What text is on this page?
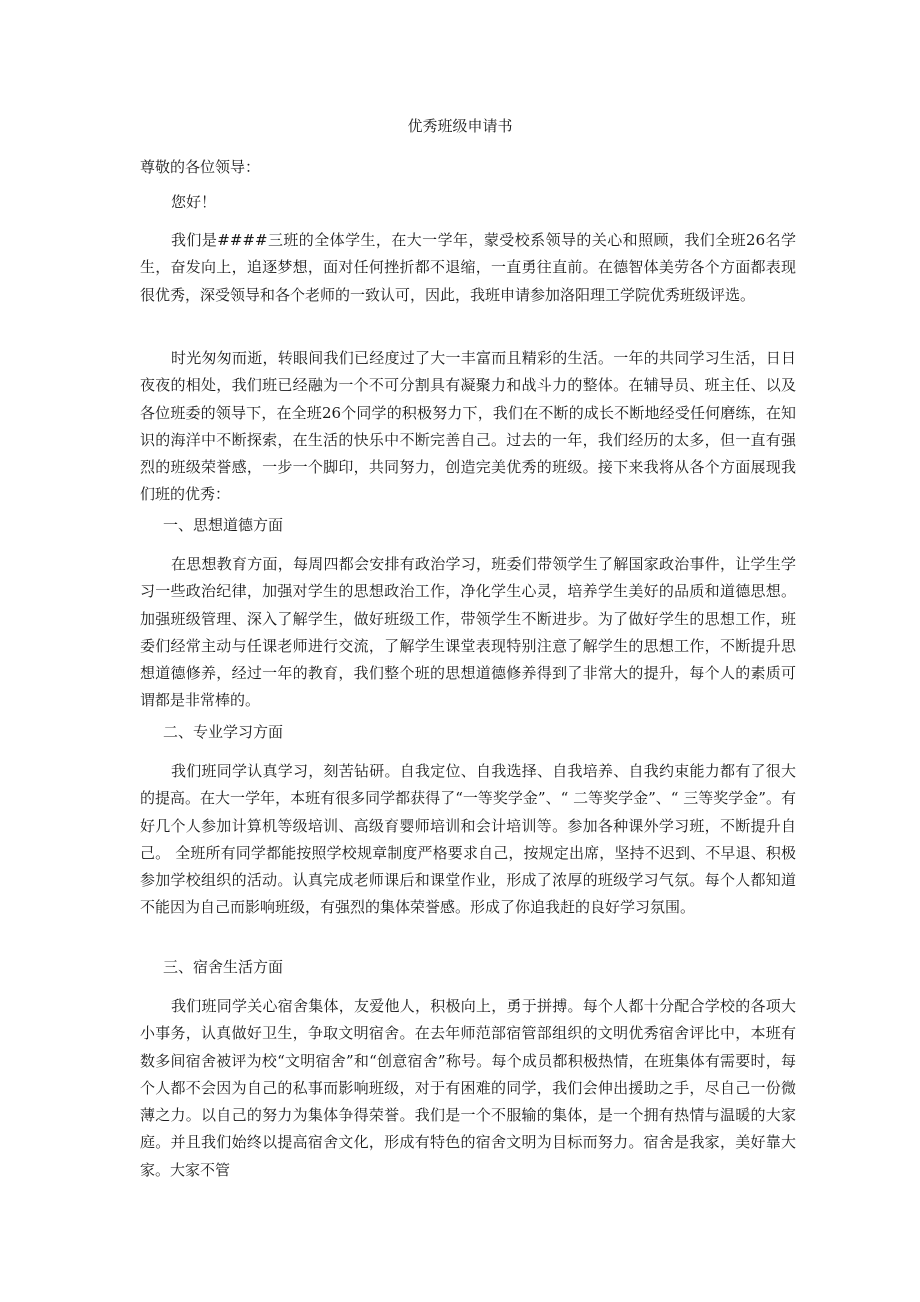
优秀班级申请书

尊敬的各位领导：

您好！

我们是####三班的全体学生，在大一学年，蒙受校系领导的关心和照顾，我们全班26名学生，奋发向上，追逐梦想，面对任何挫折都不退缩，一直勇往直前。在德智体美劳各个方面都表现很优秀，深受领导和各个老师的一致认可，因此，我班申请参加洛阳理工学院优秀班级评选。

时光匆匆而逝，转眼间我们已经度过了大一丰富而且精彩的生活。一年的共同学习生活，日日夜夜的相处，我们班已经融为一个不可分割具有凝聚力和战斗力的整体。在辅导员、班主任、以及各位班委的领导下，在全班26个同学的积极努力下，我们在不断的成长不断地经受任何磨练，在知识的海洋中不断探索，在生活的快乐中不断完善自己。过去的一年，我们经历的太多，但一直有强烈的班级荣誉感，一步一个脚印，共同努力，创造完美优秀的班级。接下来我将从各个方面展现我们班的优秀：

一、思想道德方面

在思想教育方面，每周四都会安排有政治学习，班委们带领学生了解国家政治事件，让学生学习一些政治纪律，加强对学生的思想政治工作，净化学生心灵，培养学生美好的品质和道德思想。加强班级管理、深入了解学生，做好班级工作，带领学生不断进步。为了做好学生的思想工作，班委们经常主动与任课老师进行交流，了解学生课堂表现特别注意了解学生的思想工作，不断提升思想道德修养，经过一年的教育，我们整个班的思想道德修养得到了非常大的提升，每个人的素质可谓都是非常棒的。

二、专业学习方面

我们班同学认真学习，刻苦钻研。自我定位、自我选择、自我培养、自我约束能力都有了很大的提高。在大一学年，本班有很多同学都获得了“一等奖学金”、“ 二等奖学金”、“ 三等奖学金”。有好几个人参加计算机等级培训、高级育婴师培训和会计培训等。参加各种课外学习班，不断提升自己。 全班所有同学都能按照学校规章制度严格要求自己，按规定出席，坚持不迟到、不早退、积极参加学校组织的活动。认真完成老师课后和课堂作业，形成了浓厚的班级学习气氛。每个人都知道不能因为自己而影响班级，有强烈的集体荣誉感。形成了你追我赶的良好学习氛围。

三、宿舍生活方面

我们班同学关心宿舍集体，友爱他人，积极向上，勇于拼搏。每个人都十分配合学校的各项大小事务，认真做好卫生，争取文明宿舍。在去年师范部宿管部组织的文明优秀宿舍评比中，本班有数多间宿舍被评为校“文明宿舍”和“创意宿舍”称号。每个成员都积极热情，在班集体有需要时，每个人都不会因为自己的私事而影响班级，对于有困难的同学，我们会伸出援助之手，尽自己一份微薄之力。以自己的努力为集体争得荣誉。我们是一个不服输的集体，是一个拥有热情与温暖的大家庭。并且我们始终以提高宿舍文化，形成有特色的宿舍文明为目标而努力。宿舍是我家，美好靠大家。大家不管
